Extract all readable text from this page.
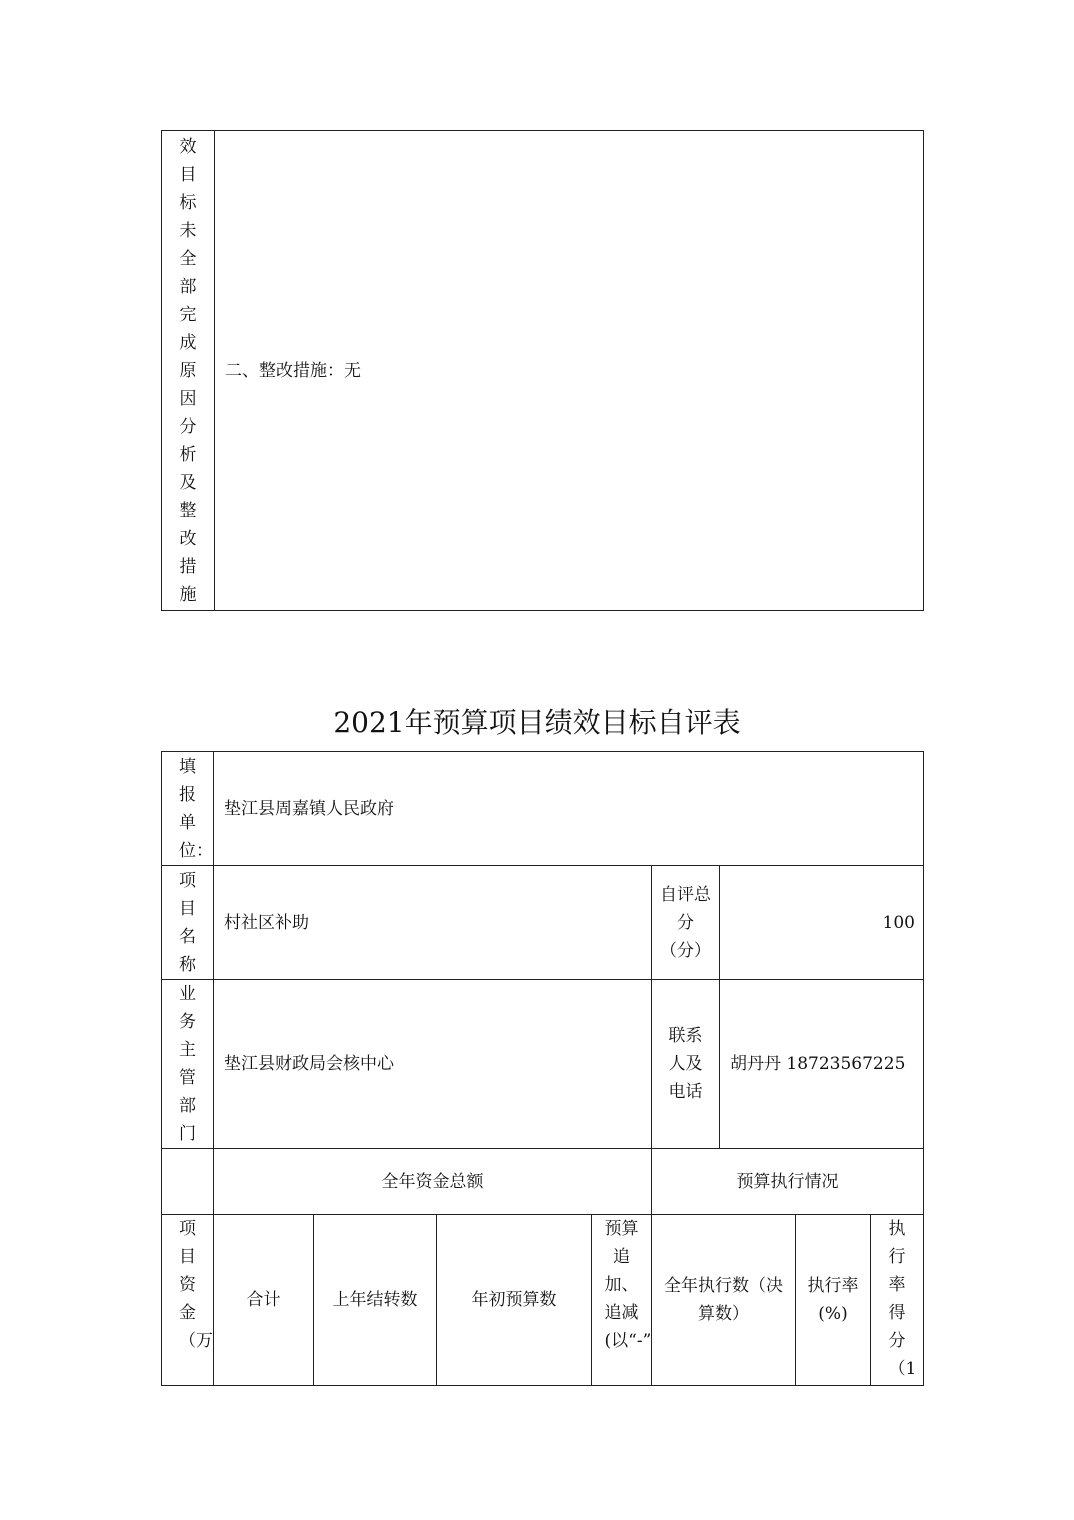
效目标未全部完成原因分析及整改措施
	二、整改措施：无
2021年预算项目绩效目标自评表
填报单位：	垫江县周嘉镇人民政府							

项目名称	村社区补助				自评总分（分）	100		

业务主管部门	垫江县财政局会核中心				联系人及电话	胡丹丹 18723567225		
	全年资金总额				预算执行情况			

项目资金（万	合计	上年结转数	年初预算数	预算追加、追减(以“-”	全年执行数（决算数）		执行率(%)	执行率得分（1
